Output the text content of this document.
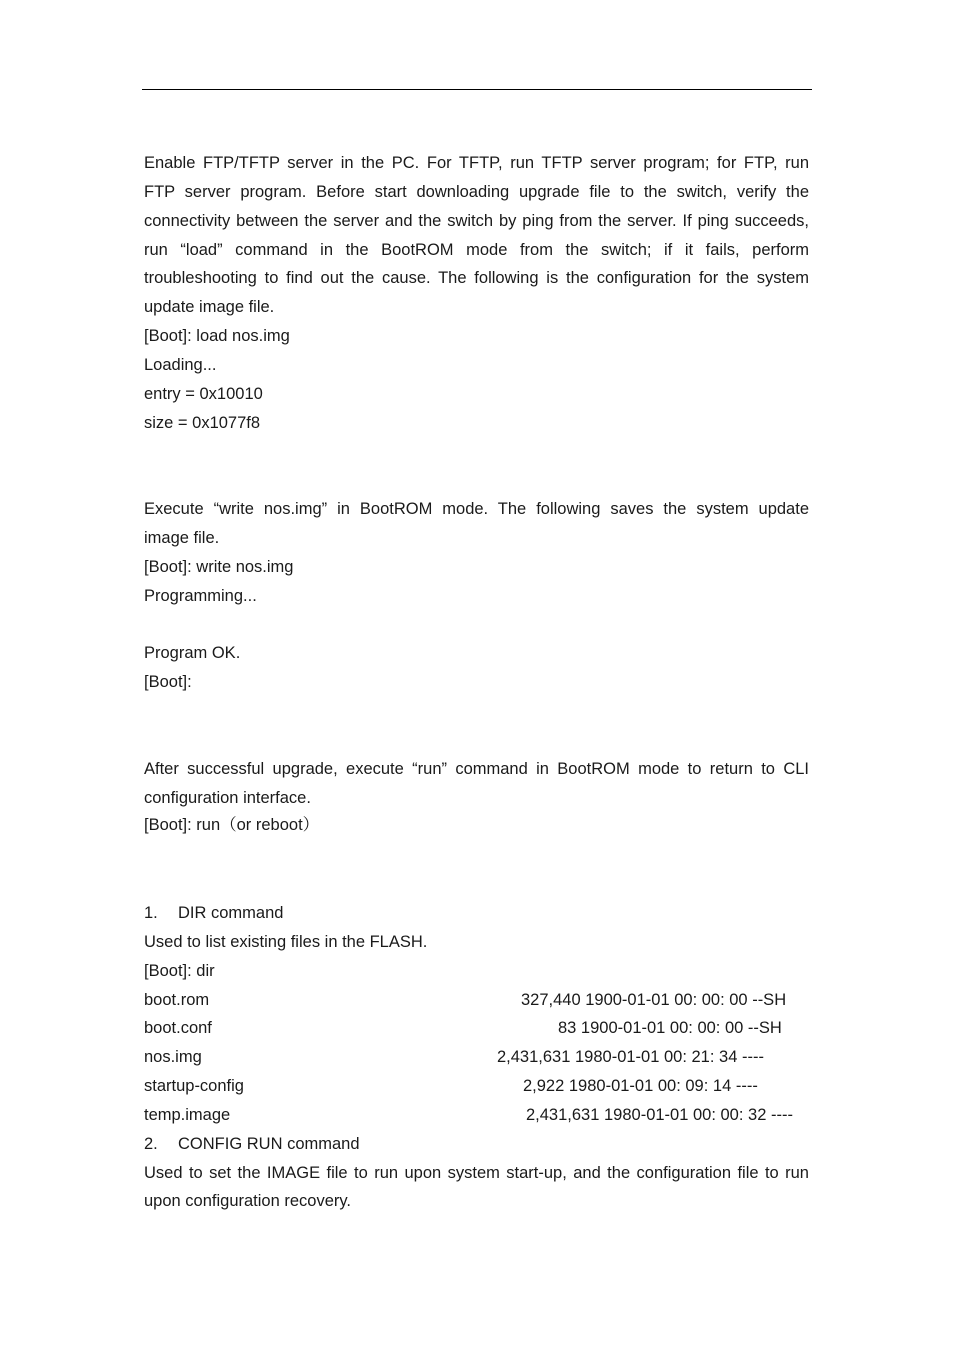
Enable FTP/TFTP server in the PC. For TFTP, run TFTP server program; for FTP, run
FTP server program. Before start downloading upgrade file to the switch, verify the
connectivity between the server and the switch by ping from the server. If ping succeeds,
run “load” command in the BootROM mode from the switch; if it fails, perform
troubleshooting to find out the cause. The following is the configuration for the system
update image file.
[Boot]: load nos.img
Loading...
entry = 0x10010
size = 0x1077f8
Execute “write nos.img” in BootROM mode. The following saves the system update
image file.
[Boot]: write nos.img
Programming...
Program OK.
[Boot]:
After successful upgrade, execute “run” command in BootROM mode to return to CLI
configuration interface.
[Boot]: run（or reboot）
1. DIR command
Used to list existing files in the FLASH.
[Boot]: dir
boot.rom	327,440 1900-01-01 00: 00: 00 --SH
boot.conf	83 1900-01-01 00: 00: 00 --SH
nos.img	2,431,631 1980-01-01 00: 21: 34 ----
startup-config	2,922 1980-01-01 00: 09: 14 ----
temp.image	2,431,631 1980-01-01 00: 00: 32 ----
2. CONFIG RUN command
Used to set the IMAGE file to run upon system start-up, and the configuration file to run
upon configuration recovery.
